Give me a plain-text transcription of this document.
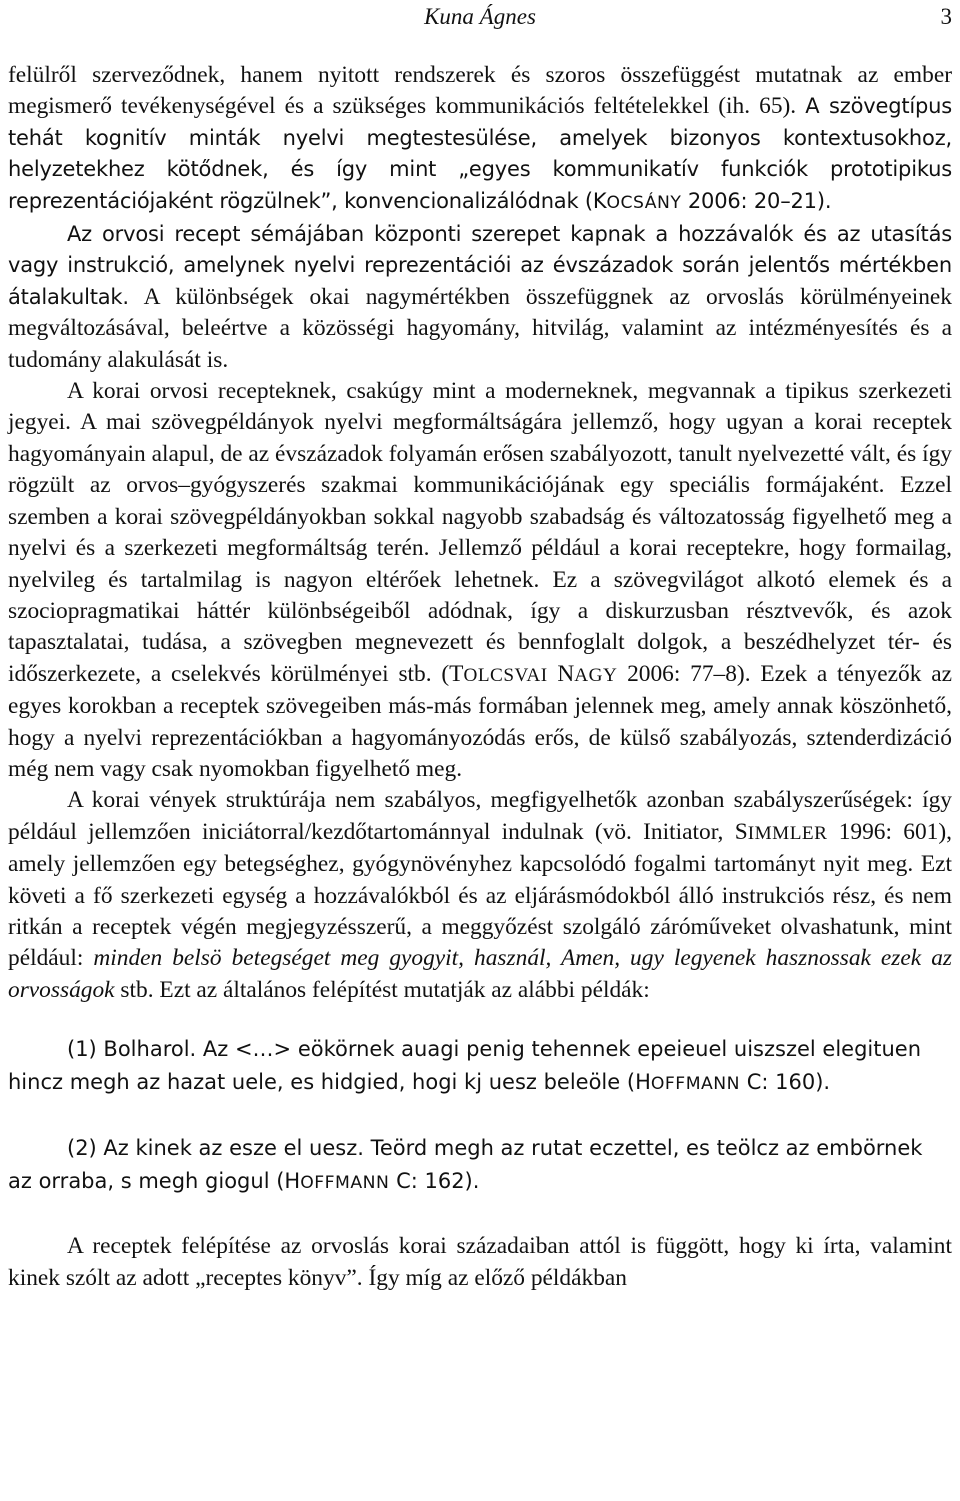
Kuna Ágnes	3

felülről szerveződnek, hanem nyitott rendszerek és szoros összefüggést mutatnak az ember megismerő tevékenységével és a szükséges kommunikációs feltételekkel (ih. 65). A szövegtípus tehát kognitív minták nyelvi megtestesülése, amelyek bizonyos kontextusokhoz, helyzetekhez kötődnek, és így mint „egyes kommunikatív funkciók prototipikus reprezentációjaként rögzülnek”, konvencionalizálódnak (KOCSÁNY 2006: 20–21).

Az orvosi recept sémájában központi szerepet kapnak a hozzávalók és az utasítás vagy instrukció, amelynek nyelvi reprezentációi az évszázadok során jelentős mértékben átalakultak. A különbségek okai nagymértékben összefüggnek az orvoslás körülményeinek megváltozásával, beleértve a közösségi hagyomány, hitvilág, valamint az intézményesítés és a tudomány alakulását is.

A korai orvosi recepteknek, csakúgy mint a moderneknek, megvannak a tipikus szerkezeti jegyei. A mai szövegpéldányok nyelvi megformáltságára jellemző, hogy ugyan a korai receptek hagyományain alapul, de az évszázadok folyamán erősen szabályozott, tanult nyelvezetté vált, és így rögzült az orvos–gyógyszerés szakmai kommunikációjának egy speciális formájaként. Ezzel szemben a korai szövegpéldányokban sokkal nagyobb szabadság és változatosság figyelhető meg a nyelvi és a szerkezeti megformáltság terén. Jellemző például a korai receptekre, hogy formailag, nyelvileg és tartalmilag is nagyon eltérőek lehetnek. Ez a szövegvilágot alkotó elemek és a szociopragmatikai háttér különbségeiből adódnak, így a diskurzusban résztvevők, és azok tapasztalatai, tudása, a szövegben megnevezett és bennfoglalt dolgok, a beszédhelyzet tér- és időszerkezete, a cselekvés körülményei stb. (TOLCSVAI NAGY 2006: 77–8). Ezek a tényezők az egyes korokban a receptek szövegeiben más-más formában jelennek meg, amely annak köszönhető, hogy a nyelvi reprezentációkban a hagyományozódás erős, de külső szabályozás, sztenderdizáció még nem vagy csak nyomokban figyelhető meg.

A korai vények struktúrája nem szabályos, megfigyelhetők azonban szabályszerűségek: így például jellemzően iniciátorral/kezdőtartománnyal indulnak (vö. Initiator, SIMMLER 1996: 601), amely jellemzően egy betegséghez, gyógynövényhez kapcsolódó fogalmi tartományt nyit meg. Ezt követi a fő szerkezeti egység a hozzávalókból és az eljárásmódokból álló instrukciós rész, és nem ritkán a receptek végén megjegyzésszerű, a meggyőzést szolgáló záróműveket olvashatunk, mint például: minden belsö betegséget meg gyogyit, használ, Amen, ugy legyenek hasznossak ezek az orvosságok stb. Ezt az általános felépítést mutatják az alábbi példák:

(1) Bolharol. Az <…> eökörnek auagi penig tehennek epeieuel uiszszel elegituen hincz megh az hazat uele, es hidgied, hogi kj uesz beleöle (HOFFMANN C: 160).

(2) Az kinek az esze el uesz. Teörd megh az rutat eczettel, es teölcz az embörnek az orraba, s megh giogul (HOFFMANN C: 162).

A receptek felépítése az orvoslás korai századaiban attól is függött, hogy ki írta, valamint kinek szólt az adott „receptes könyv”. Így míg az előző példákban
